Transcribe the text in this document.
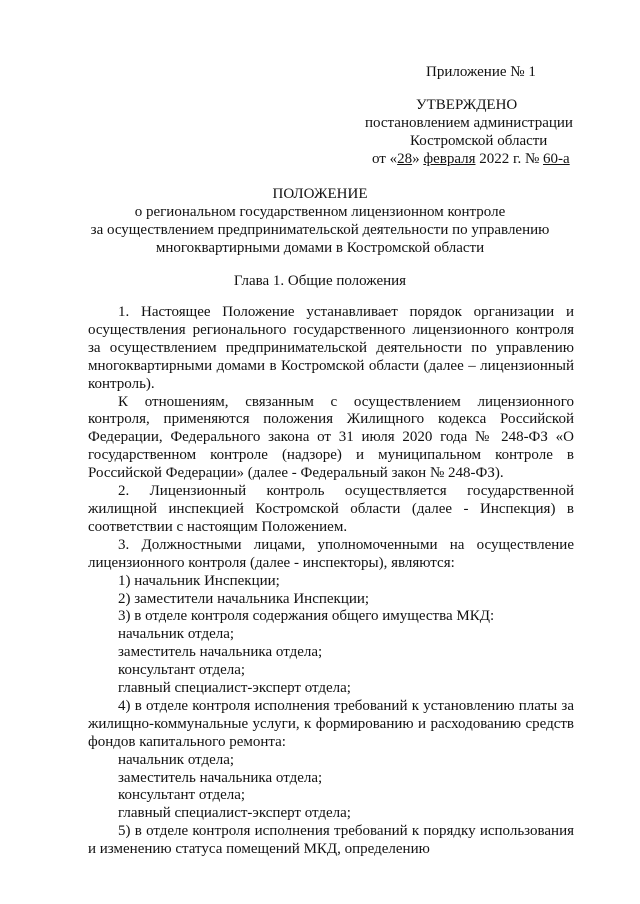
Приложение № 1
УТВЕРЖДЕНО
постановлением администрации
Костромской области
от «28» февраля 2022 г. № 60-а
ПОЛОЖЕНИЕ
о региональном государственном лицензионном контроле
за осуществлением предпринимательской деятельности по управлению
многоквартирными домами в Костромской области
Глава 1. Общие положения

1. Настоящее Положение устанавливает порядок организации и осуществления регионального государственного лицензионного контроля за осуществлением предпринимательской деятельности по управлению многоквартирными домами в Костромской области (далее – лицензионный контроль).

К отношениям, связанным с осуществлением лицензионного контроля, применяются положения Жилищного кодекса Российской Федерации, Федерального закона от 31 июля 2020 года № 248-ФЗ «О государственном контроле (надзоре) и муниципальном контроле в Российской Федерации» (далее - Федеральный закон № 248-ФЗ).

2. Лицензионный контроль осуществляется государственной жилищной инспекцией Костромской области (далее - Инспекция) в соответствии с настоящим Положением.

3. Должностными лицами, уполномоченными на осуществление лицензионного контроля (далее - инспекторы), являются:

1) начальник Инспекции;

2) заместители начальника Инспекции;

3) в отделе контроля содержания общего имущества МКД:

начальник отдела;

заместитель начальника отдела;

консультант отдела;

главный специалист-эксперт отдела;

4) в отделе контроля исполнения требований к установлению платы за жилищно-коммунальные услуги, к формированию и расходованию средств фондов капитального ремонта:

начальник отдела;

заместитель начальника отдела;

консультант отдела;

главный специалист-эксперт отдела;

5) в отделе контроля исполнения требований к порядку использования и изменению статуса помещений МКД, определению
